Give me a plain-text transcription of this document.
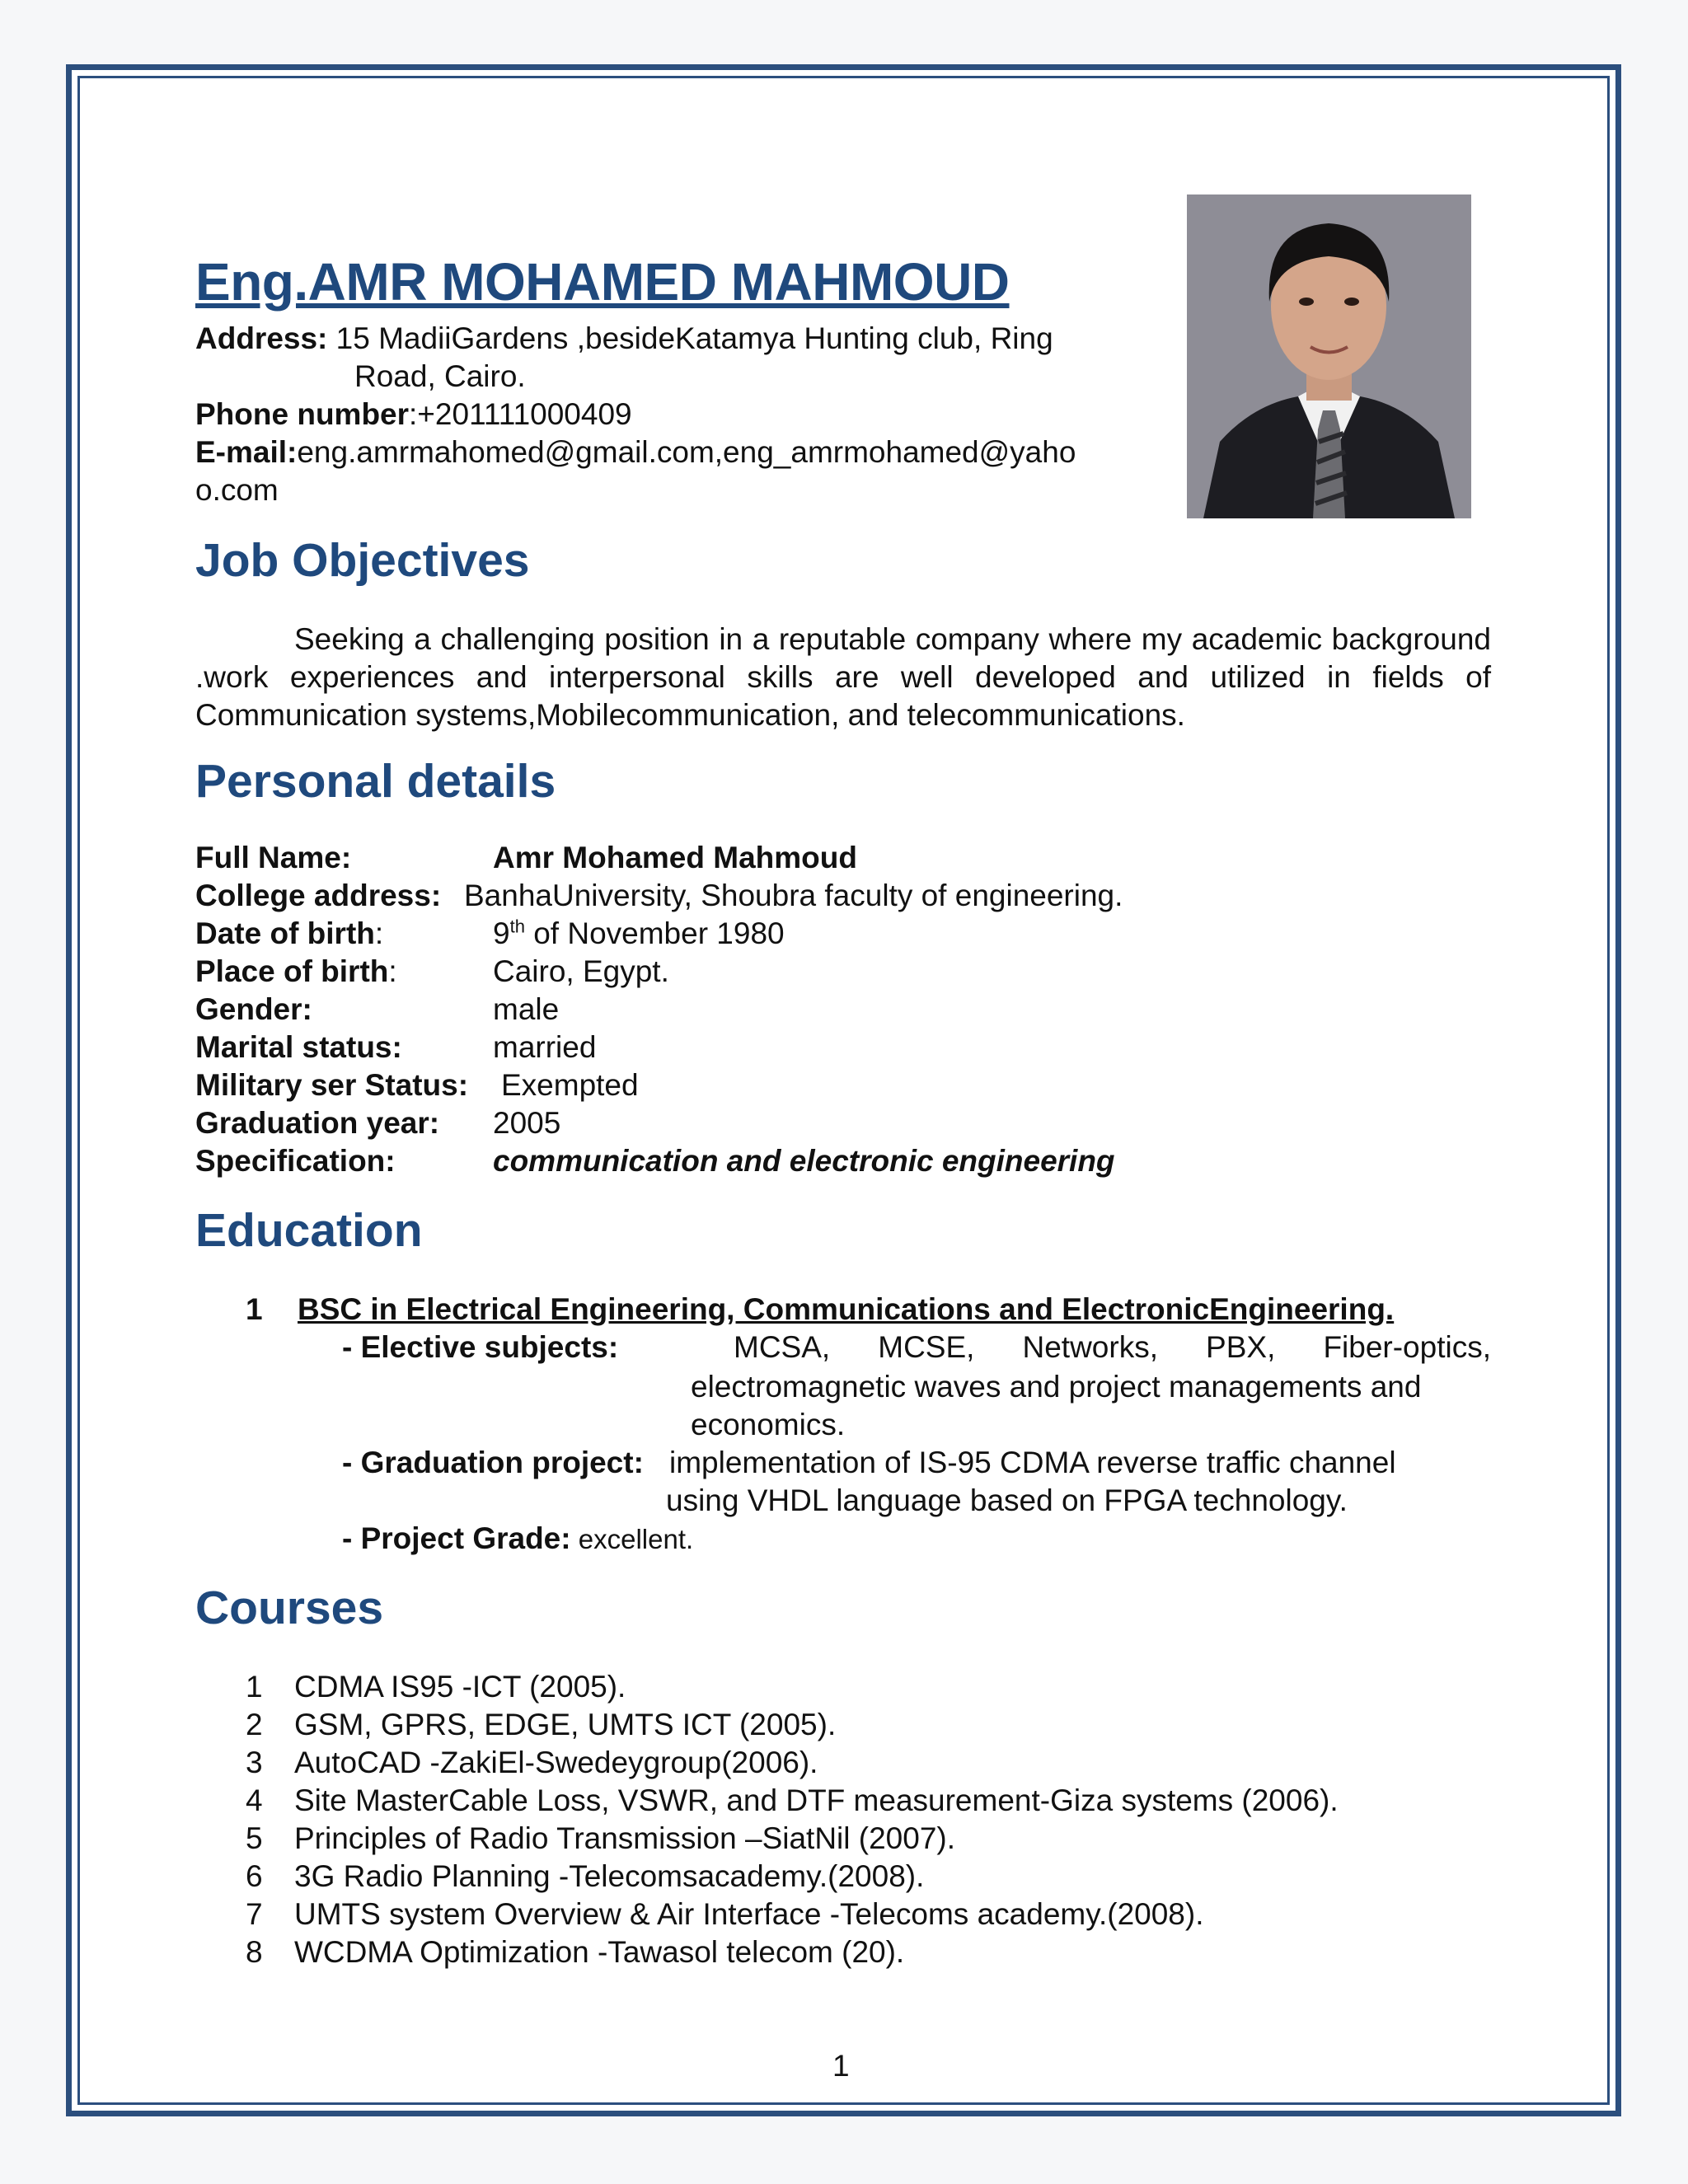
Eng.AMR MOHAMED MAHMOUD
Address: 15 MadiiGardens ,besideKatamya Hunting club, Ring
Road, Cairo.
Phone number:+201111000409
E-mail:eng.amrmahomed@gmail.com,eng_amrmohamed@yaho
o.com
Job Objectives

Seeking a challenging position in a reputable company where my academic background .work experiences and interpersonal skills are well developed and utilized in fields of Communication systems,Mobilecommunication, and telecommunications.

Personal details
Full Name:	Amr Mohamed Mahmoud
College address: BanhaUniversity, Shoubra faculty of engineering.
Date of birth:	9th of November 1980
Place of birth:	Cairo, Egypt.
Gender:	male
Marital status:	married
Military ser Status: Exempted
Graduation year: 2005
Specification:	communication and electronic engineering
Education
1 BSC in Electrical Engineering, Communications and ElectronicEngineering.
- Elective subjects:	MCSA, MCSE, Networks, PBX, Fiber-optics,
electromagnetic waves and project managements and
economics.
- Graduation project: implementation of IS-95 CDMA reverse traffic channel
using VHDL language based on FPGA technology.
- Project Grade: excellent.
Courses
1 CDMA IS95 -ICT (2005).
2 GSM, GPRS, EDGE, UMTS ICT (2005).
3 AutoCAD -ZakiEl-Swedeygroup(2006).
4 Site MasterCable Loss, VSWR, and DTF measurement-Giza systems (2006).
5 Principles of Radio Transmission –SiatNil (2007).
6 3G Radio Planning -Telecomsacademy.(2008).
7 UMTS system Overview & Air Interface -Telecoms academy.(2008).
8 WCDMA Optimization -Tawasol telecom (20).
1
